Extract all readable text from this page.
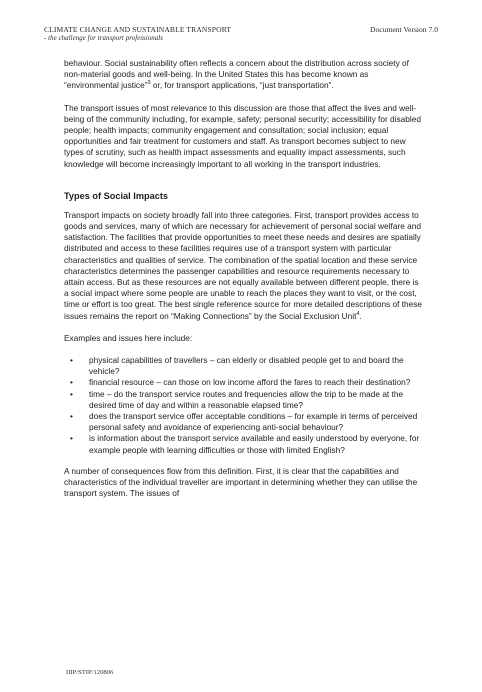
CLIMATE CHANGE AND SUSTAINABLE TRANSPORT
- the challenge for transport professionals
Document Version 7.0

behaviour. Social sustainability often reflects a concern about the distribution across society of non-material goods and well-being. In the United States this has become known as “environmental justice”$^3$ or, for transport applications, “just transportation”.

The transport issues of most relevance to this discussion are those that affect the lives and well-being of the community including, for example, safety; personal security; accessibility for disabled people; health impacts; community engagement and consultation; social inclusion; equal opportunities and fair treatment for customers and staff. As transport becomes subject to new types of scrutiny, such as health impact assessments and equality impact assessments, such knowledge will become increasingly important to all working in the transport industries.

Types of Social Impacts

Transport impacts on society broadly fall into three categories. First, transport provides access to goods and services, many of which are necessary for achievement of personal social welfare and satisfaction. The facilities that provide opportunities to meet these needs and desires are spatially distributed and access to these facilities requires use of a transport system with particular characteristics and qualities of service. The combination of the spatial location and these service characteristics determines the passenger capabilities and resource requirements necessary to attain access. But as these resources are not equally available between different people, there is a social impact where some people are unable to reach the places they want to visit, or the cost, time or effort is too great. The best single reference source for more detailed descriptions of these issues remains the report on “Making Connections” by the Social Exclusion Unit$^4$.

Examples and issues here include:

• physical capabilities of travellers – can elderly or disabled people get to and board the vehicle?
• financial resource – can those on low income afford the fares to reach their destination?
• time – do the transport service routes and frequencies allow the trip to be made at the desired time of day and within a reasonable elapsed time?
• does the transport service offer acceptable conditions – for example in terms of perceived personal safety and avoidance of experiencing anti-social behaviour?
• is information about the transport service available and easily understood by everyone, for example people with learning difficulties or those with limited English?

A number of consequences flow from this definition. First, it is clear that the capabilities and characteristics of the individual traveller are important in determining whether they can utilise the transport system. The issues of

IIIP/STIP/120806
